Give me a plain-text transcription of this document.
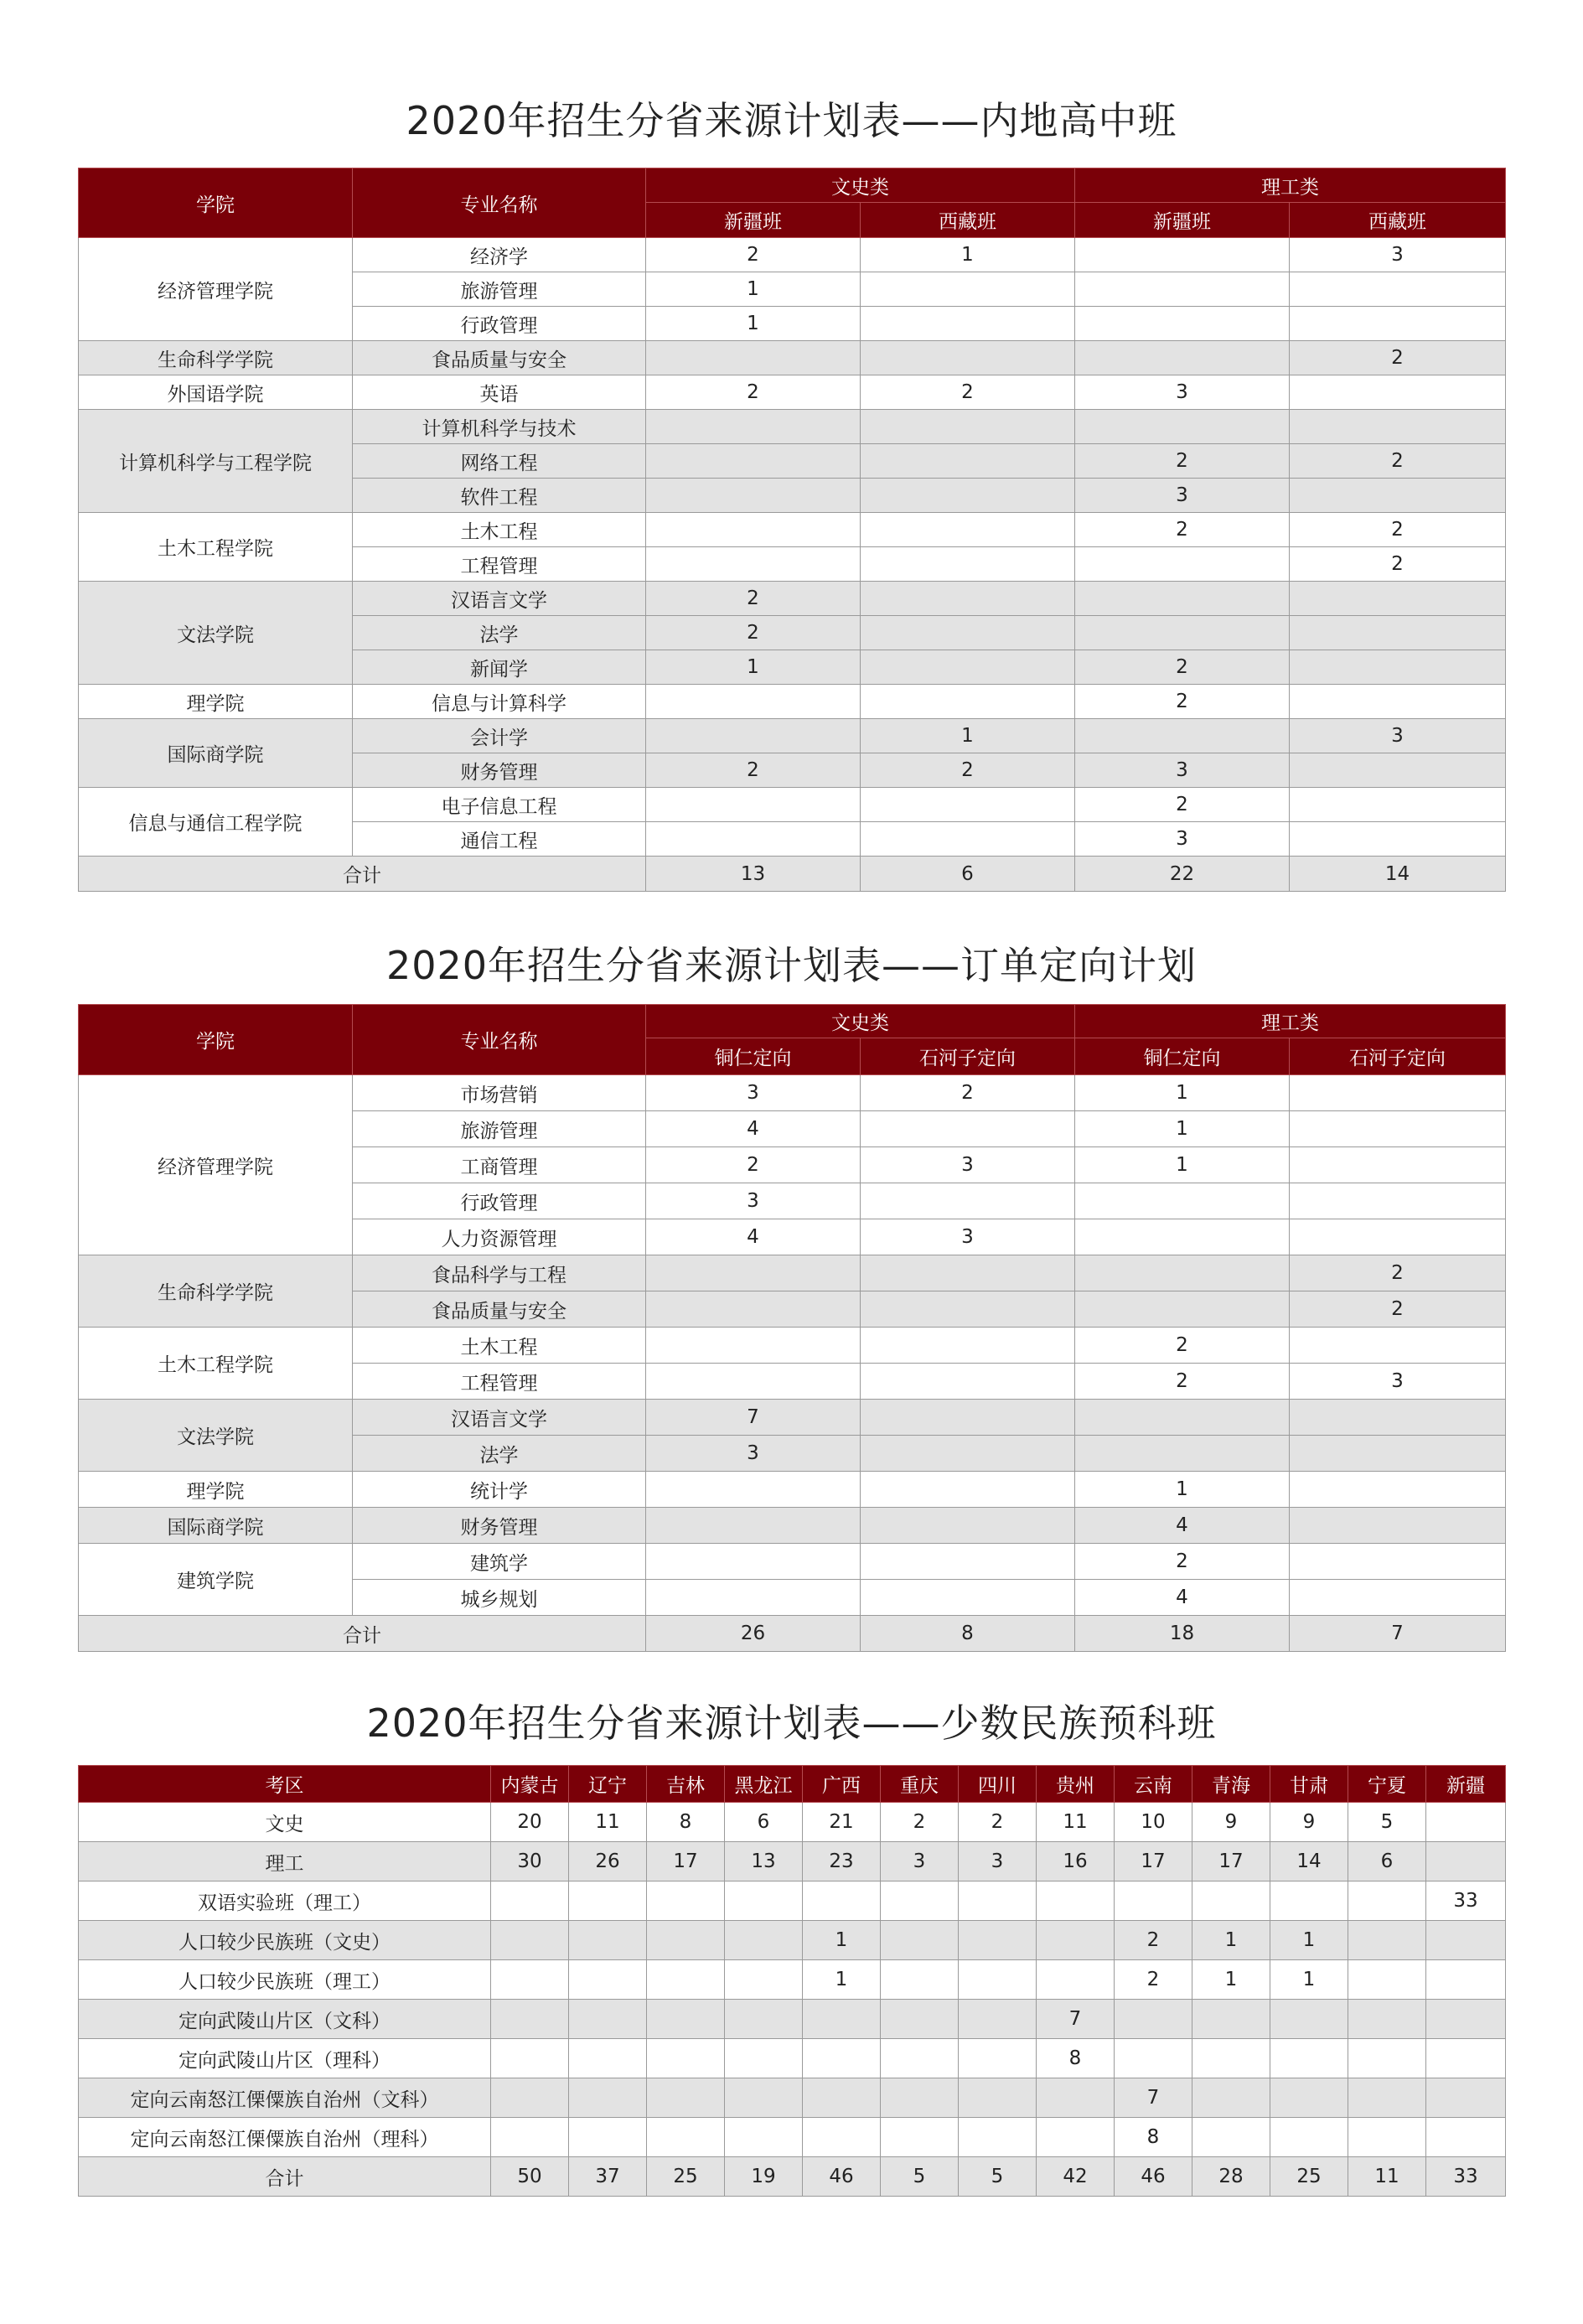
2020年招生分省来源计划表——内地高中班
学院	专业名称	文史类		理工类	
		新疆班	西藏班	新疆班	西藏班
经济管理学院	经济学	2	1		3
	旅游管理	1			
	行政管理	1			
生命科学学院	食品质量与安全				2
外国语学院	英语	2	2	3	
计算机科学与工程学院	计算机科学与技术				
	网络工程			2	2
	软件工程			3	
土木工程学院	土木工程			2	2
	工程管理				2
文法学院	汉语言文学	2			
	法学	2			
	新闻学	1		2	
理学院	信息与计算科学			2	
国际商学院	会计学		1		3
	财务管理	2	2	3	
信息与通信工程学院	电子信息工程			2	
	通信工程			3	
合计		13	6	22	14
2020年招生分省来源计划表——订单定向计划
学院	专业名称	文史类		理工类	
		铜仁定向	石河子定向	铜仁定向	石河子定向
经济管理学院	市场营销	3	2	1	
	旅游管理	4		1	
	工商管理	2	3	1	
	行政管理	3			
	人力资源管理	4	3		
生命科学学院	食品科学与工程				2
	食品质量与安全				2
土木工程学院	土木工程			2	
	工程管理			2	3
文法学院	汉语言文学	7			
	法学	3			
理学院	统计学			1	
国际商学院	财务管理			4	
建筑学院	建筑学			2	
	城乡规划			4	
合计		26	8	18	7
2020年招生分省来源计划表——少数民族预科班
考区	内蒙古	辽宁	吉林	黑龙江	广西	重庆	四川	贵州	云南	青海	甘肃	宁夏	新疆
文史	20	11	8	6	21	2	2	11	10	9	9	5	
理工	30	26	17	13	23	3	3	16	17	17	14	6	
双语实验班（理工）													33
人口较少民族班（文史）					1				2	1	1		
人口较少民族班（理工）					1				2	1	1		
定向武陵山片区（文科）								7					
定向武陵山片区（理科）								8					
定向云南怒江傈僳族自治州（文科）									7				
定向云南怒江傈僳族自治州（理科）									8				
合计	50	37	25	19	46	5	5	42	46	28	25	11	33
